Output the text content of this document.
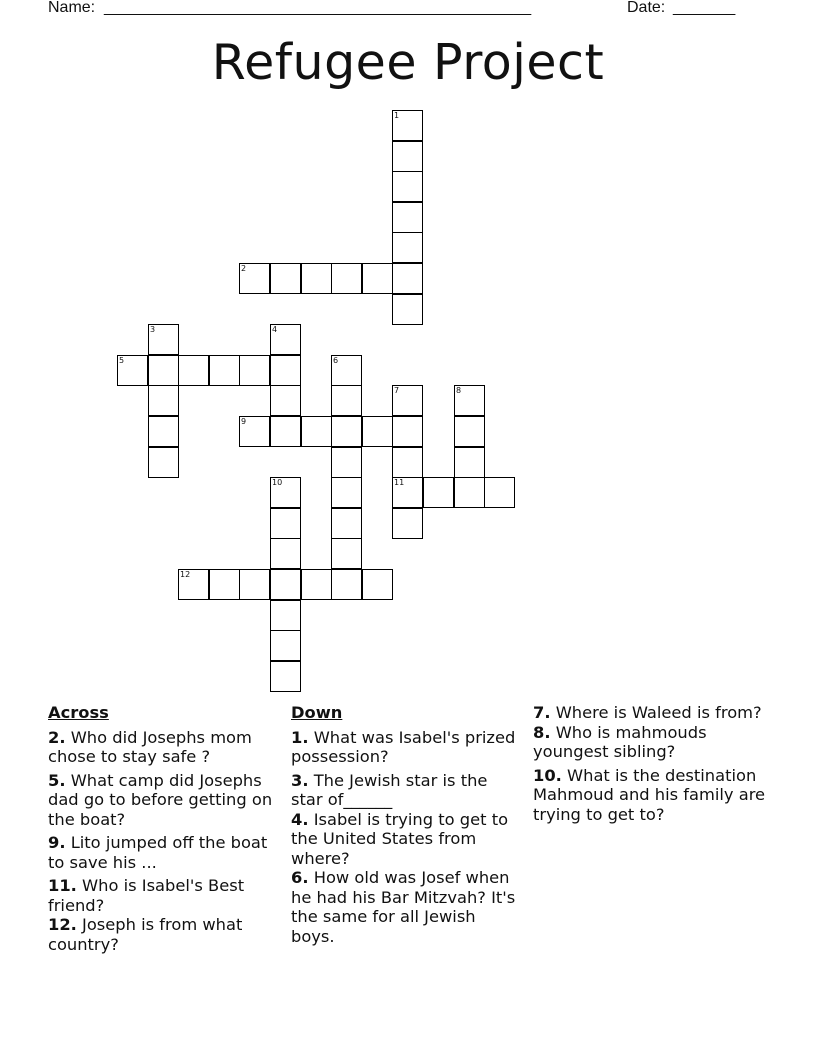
Name: ________________________________________________	Date: _______
Refugee Project
1
2
3	4
5	6
7
11
8
9
10
12
Across
2. Who did Josephs mom chose to stay safe ?
5. What camp did Josephs dad go to before getting on the boat?
9. Lito jumped off the boat to save his ...
11. Who is Isabel's Best friend?
12. Joseph is from what country?
Down
1. What was Isabel's prized possession?
3. The Jewish star is the star of______
4. Isabel is trying to get to the United States from where?
6. How old was Josef when he had his Bar Mitzvah? It's the same for all Jewish boys.
7. Where is Waleed is from?
8. Who is mahmouds youngest sibling?
10. What is the destination Mahmoud and his family are trying to get to?
